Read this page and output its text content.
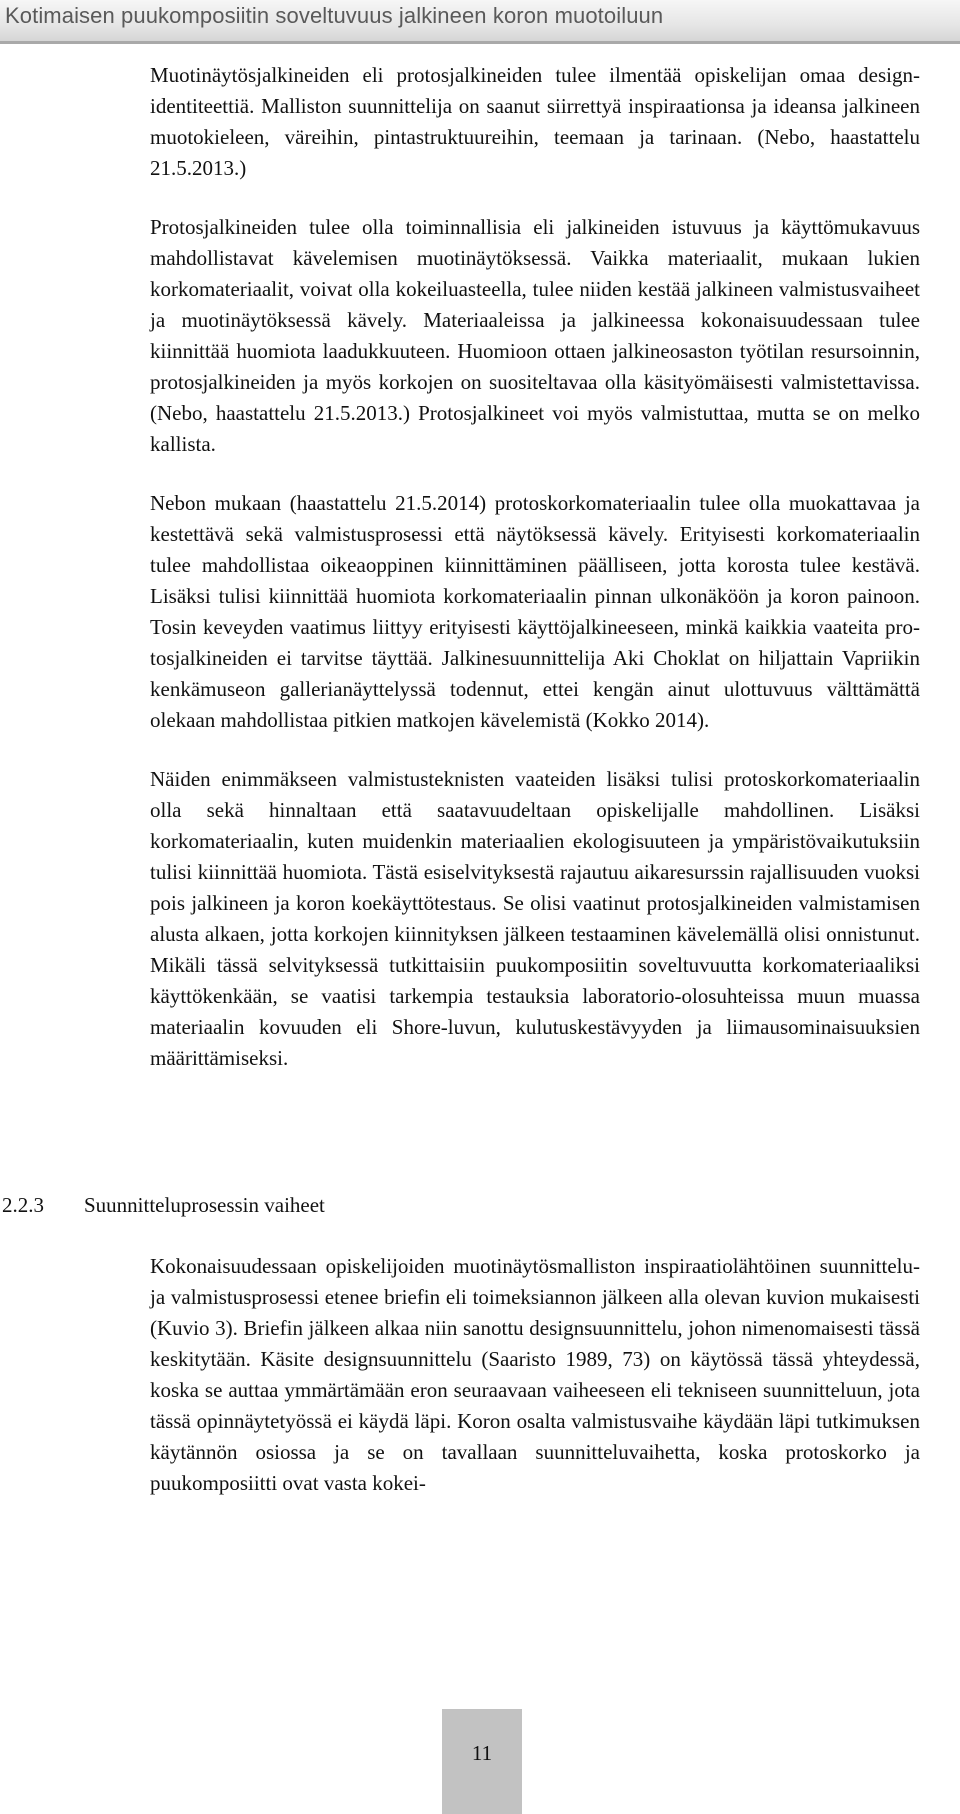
Kotimaisen puukomposiitin soveltuvuus jalkineen koron muotoiluun

Muotinäytösjalkineiden eli protosjalkineiden tulee ilmentää opiskelijan omaa design-identiteettiä. Malliston suunnittelija on saanut siirrettyä inspiraationsa ja ideansa jalkineen muotokieleen, väreihin, pintastruktuureihin, teemaan ja tarinaan. (Nebo, haastattelu 21.5.2013.)

Protosjalkineiden tulee olla toiminnallisia eli jalkineiden istuvuus ja käyttömukavuus mahdollistavat kävelemisen muotinäytöksessä. Vaikka materiaalit, mukaan lukien korkomateriaalit, voivat olla kokeiluasteella, tulee niiden kestää jalkineen valmistusvaiheet ja muotinäytöksessä kävely. Materiaaleissa ja jalkineessa kokonaisuudessaan tulee kiinnittää huomiota laadukkuuteen. Huomioon ottaen jalkineosaston työtilan resursoinnin, protosjalkineiden ja myös korkojen on suositeltavaa olla käsityömäisesti valmistettavissa. (Nebo, haastattelu 21.5.2013.) Protosjalkineet voi myös valmistuttaa, mutta se on melko kallista.

Nebon mukaan (haastattelu 21.5.2014) protoskorkomateriaalin tulee olla muokattavaa ja kestettävä sekä valmistusprosessi että näytöksessä kävely. Erityisesti korkomateriaalin tulee mahdollistaa oikeaoppinen kiinnittäminen päälliseen, jotta korosta tulee kestävä. Lisäksi tulisi kiinnittää huomiota korkomateriaalin pinnan ulkonäköön ja koron painoon. Tosin keveyden vaatimus liittyy erityisesti käyttöjalkineeseen, minkä kaikkia vaateita protosjalkineiden ei tarvitse täyttää. Jalkinesuunnittelija Aki Choklat on hiljattain Vapriikin kenkämuseon gallerianäyttelyssä todennut, ettei kengän ainut ulottuvuus välttämättä olekaan mahdollistaa pitkien matkojen kävelemistä (Kokko 2014).

Näiden enimmäkseen valmistusteknisten vaateiden lisäksi tulisi protoskorkomateriaalin olla sekä hinnaltaan että saatavuudeltaan opiskelijalle mahdollinen. Lisäksi korkomateriaalin, kuten muidenkin materiaalien ekologisuuteen ja ympäristövaikutuksiin tulisi kiinnittää huomiota. Tästä esiselvityksestä rajautuu aikaresurssin rajallisuuden vuoksi pois jalkineen ja koron koekäyttötestaus. Se olisi vaatinut protosjalkineiden valmistamisen alusta alkaen, jotta korkojen kiinnityksen jälkeen testaaminen kävelemällä olisi onnistunut. Mikäli tässä selvityksessä tutkittaisiin puukomposiitin soveltuvuutta korkomateriaaliksi käyttökenkään, se vaatisi tarkempia testauksia laboratorio-olosuhteissa muun muassa materiaalin kovuuden eli Shore-luvun, kulutuskestävyyden ja liimausominaisuuksien määrittämiseksi.

2.2.3 Suunnitteluprosessin vaiheet

Kokonaisuudessaan opiskelijoiden muotinäytösmalliston inspiraatiolähtöinen suunnittelu- ja valmistusprosessi etenee briefin eli toimeksiannon jälkeen alla olevan kuvion mukaisesti (Kuvio 3). Briefin jälkeen alkaa niin sanottu designsuunnittelu, johon nimenomaisesti tässä keskitytään. Käsite designsuunnittelu (Saaristo 1989, 73) on käytössä tässä yhteydessä, koska se auttaa ymmärtämään eron seuraavaan vaiheeseen eli tekniseen suunnitteluun, jota tässä opinnäytetyössä ei käydä läpi. Koron osalta valmistusvaihe käydään läpi tutkimuksen käytännön osiossa ja se on tavallaan suunnitteluvaihetta, koska protoskorko ja puukomposiitti ovat vasta kokei-

11
